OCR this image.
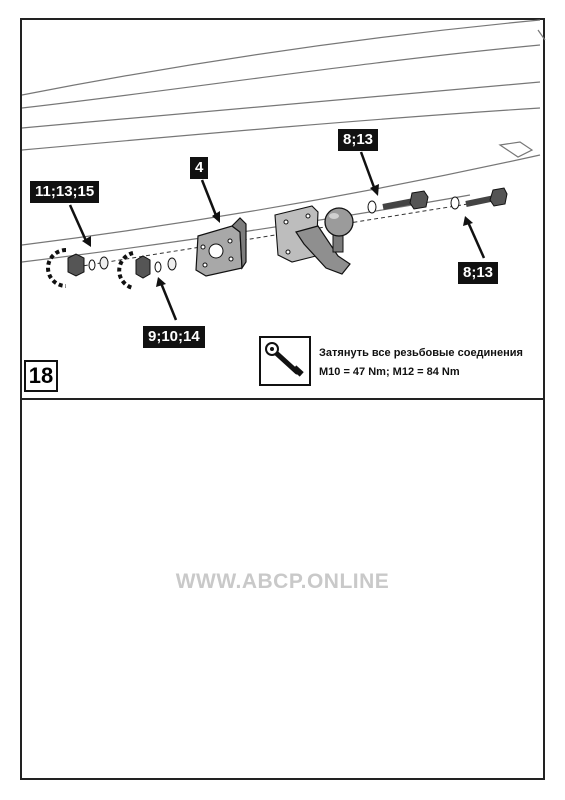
11;13;15
4
8;13
9;10;14
8;13
18
Затянуть все резьбовые соединения
M10 = 47 Nm; M12 = 84 Nm
WWW.ABCP.ONLINE
